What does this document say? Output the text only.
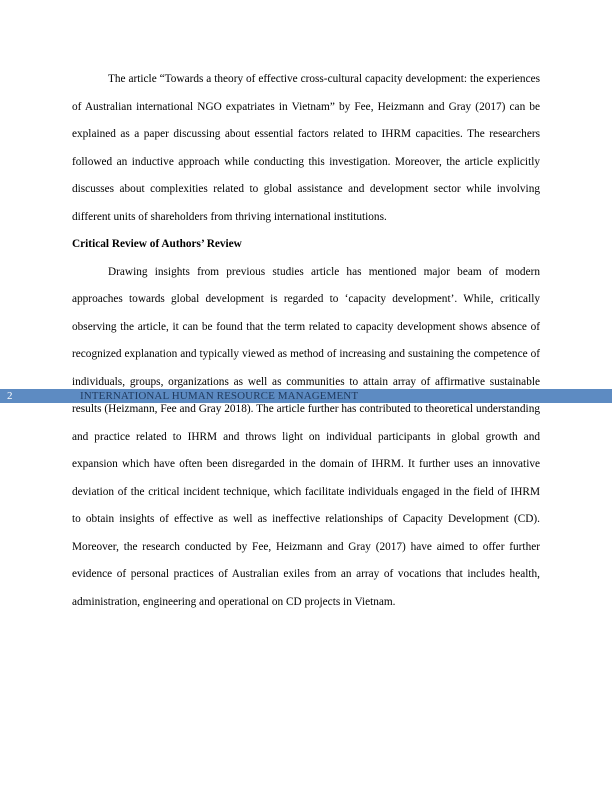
The article “Towards a theory of effective cross-cultural capacity development: the experiences of Australian international NGO expatriates in Vietnam” by Fee, Heizmann and Gray (2017) can be explained as a paper discussing about essential factors related to IHRM capacities. The researchers followed an inductive approach while conducting this investigation. Moreover, the article explicitly discusses about complexities related to global assistance and development sector while involving different units of shareholders from thriving international institutions.

Critical Review of Authors’ Review

Drawing insights from previous studies article has mentioned major beam of modern approaches towards global development is regarded to ‘capacity development’. While, critically observing the article, it can be found that the term related to capacity development shows absence of recognized explanation and typically viewed as method of increasing and sustaining the competence of individuals, groups, organizations as well as communities to attain array of affirmative sustainable results (Heizmann, Fee and Gray 2018). The article further has contributed to theoretical understanding and practice related to IHRM and throws light on individual participants in global growth and expansion which have often been disregarded in the domain of IHRM. It further uses an innovative deviation of the critical incident technique, which facilitate individuals engaged in the field of IHRM to obtain insights of effective as well as ineffective relationships of Capacity Development (CD). Moreover, the research conducted by Fee, Heizmann and Gray (2017) have aimed to offer further evidence of personal practices of Australian exiles from an array of vocations that includes health, administration, engineering and operational on CD projects in Vietnam.

2	INTERNATIONAL HUMAN RESOURCE MANAGEMENT
